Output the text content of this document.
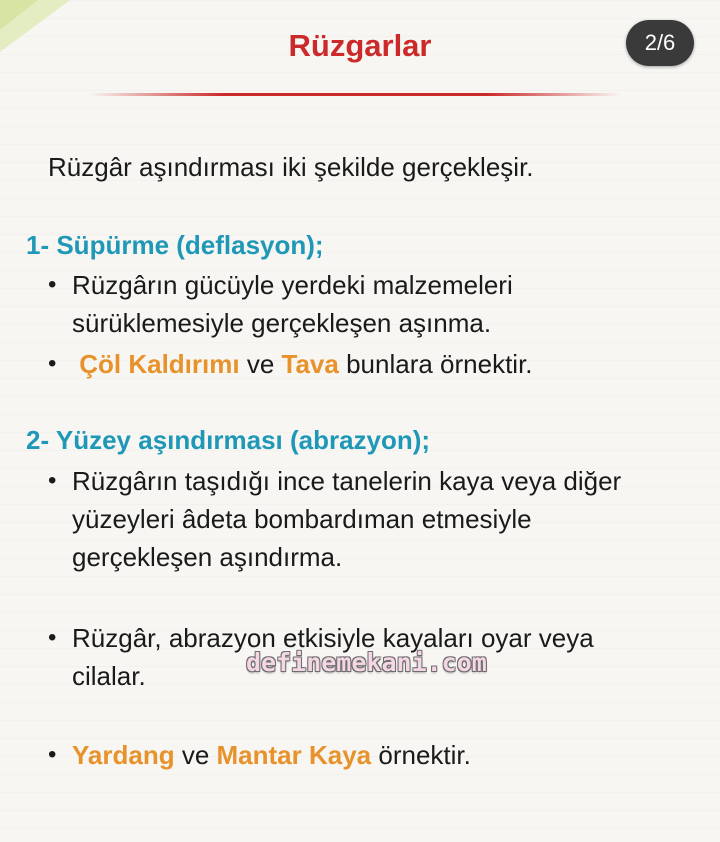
Rüzgarlar	2/6
Rüzgâr aşındırması iki şekilde gerçekleşir.
1- Süpürme (deflasyon);
• Rüzgârın gücüyle yerdeki malzemeleri
sürüklemesiyle gerçekleşen aşınma.
• Çöl Kaldırımı ve Tava bunlara örnektir.
2- Yüzey aşındırması (abrazyon);
• Rüzgârın taşıdığı ince tanelerin kaya veya diğer
yüzeyleri âdeta bombardıman etmesiyle
gerçekleşen aşındırma.
• Rüzgâr, abrazyon etkisiyle kayaları oyar veya
cilalar.
• Yardang ve Mantar Kaya örnektir.
definemekani.com
